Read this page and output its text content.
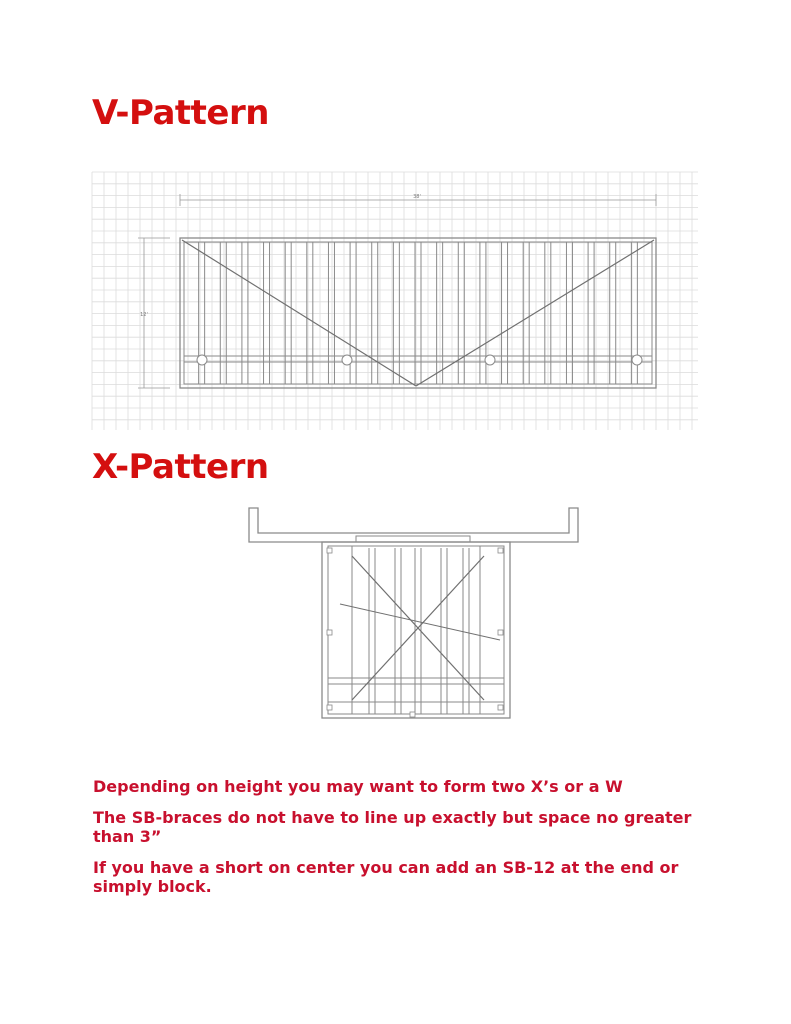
V-Pattern
38'
12'
X-Pattern

Depending on height you may want to form two X’s or a W

The SB-braces do not have to line up exactly but space no greater than 3”

If you have a short on center you can add an SB-12 at the end or simply block.
